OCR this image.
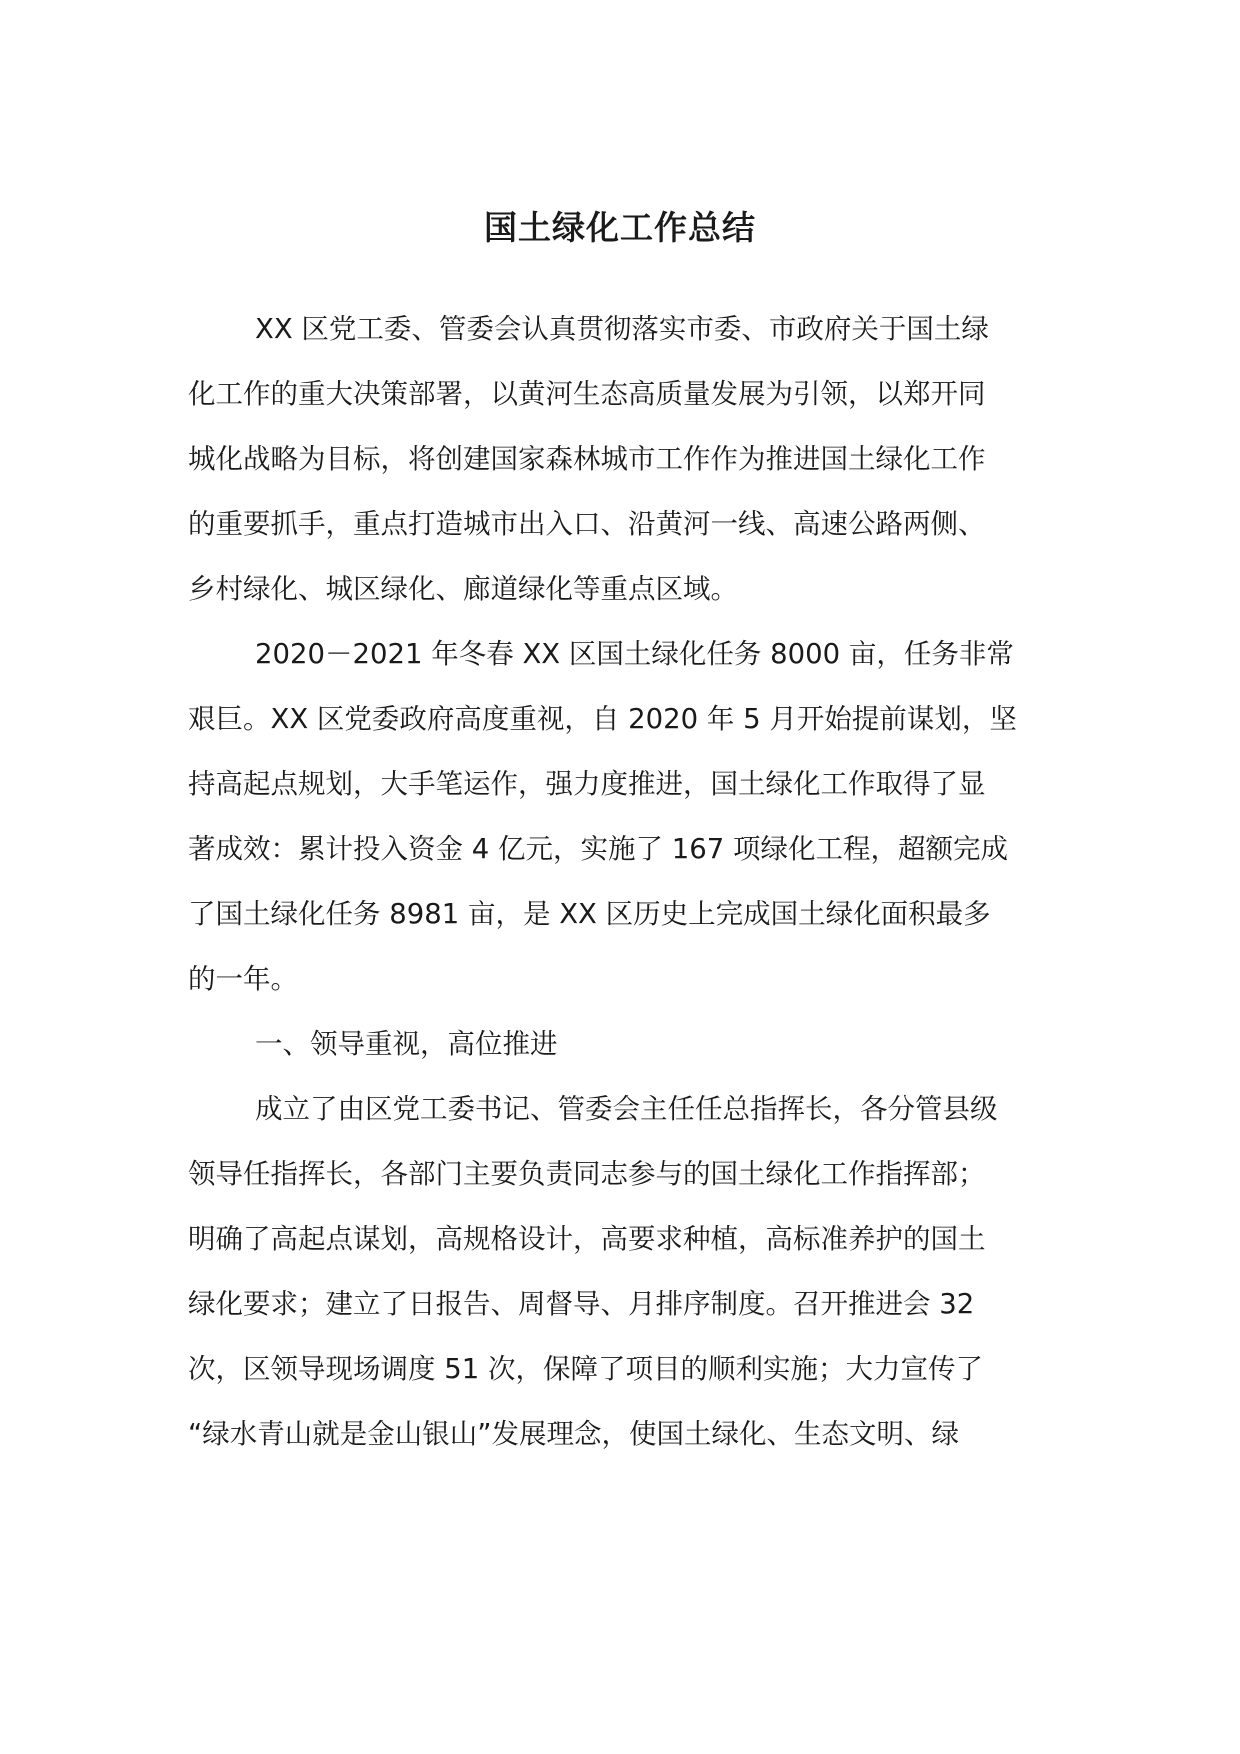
国土绿化工作总结
XX 区党工委、管委会认真贯彻落实市委、市政府关于国土绿
化工作的重大决策部署，以黄河生态高质量发展为引领，以郑开同
城化战略为目标，将创建国家森林城市工作作为推进国土绿化工作
的重要抓手，重点打造城市出入口、沿黄河一线、高速公路两侧、
乡村绿化、城区绿化、廊道绿化等重点区域。
2020－2021 年冬春 XX 区国土绿化任务 8000 亩，任务非常
艰巨。XX 区党委政府高度重视，自 2020 年 5 月开始提前谋划，坚
持高起点规划，大手笔运作，强力度推进，国土绿化工作取得了显
著成效：累计投入资金 4 亿元，实施了 167 项绿化工程，超额完成
了国土绿化任务 8981 亩，是 XX 区历史上完成国土绿化面积最多
的一年。
一、领导重视，高位推进
成立了由区党工委书记、管委会主任任总指挥长，各分管县级
领导任指挥长，各部门主要负责同志参与的国土绿化工作指挥部；
明确了高起点谋划，高规格设计，高要求种植，高标准养护的国土
绿化要求；建立了日报告、周督导、月排序制度。召开推进会 32
次，区领导现场调度 51 次，保障了项目的顺利实施；大力宣传了
“绿水青山就是金山银山”发展理念，使国土绿化、生态文明、绿
